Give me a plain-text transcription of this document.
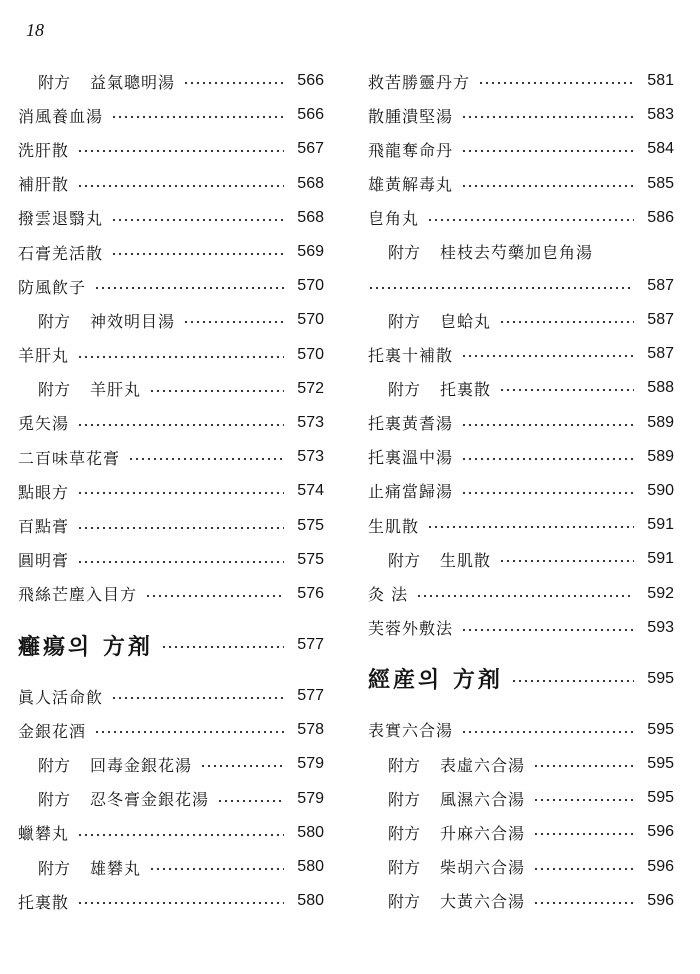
18
附方 益氣聰明湯	566
消風養血湯	566
洗肝散	567
補肝散	568
撥雲退翳丸	568
石膏羌活散	569
防風飮子	570
附方 神效明目湯	570
羊肝丸	570
附方 羊肝丸	572
兎矢湯	573
二百味草花膏	573
點眼方	574
百點膏	575
圓明膏	575
飛絲芒塵入目方	576
癰瘍의 方剤	577
眞人活命飮	577
金銀花酒	578
附方 回毒金銀花湯	579
附方 忍冬膏金銀花湯	579
蠟礬丸	580
附方 雄礬丸	580
托裏散	580
救苦勝靈丹方	581
散腫潰堅湯	583
飛龍奪命丹	584
雄黃解毒丸	585
皀角丸	586
附方 桂枝去芍藥加皀角湯
587
附方 皀蛤丸	587
托裏十補散	587
附方 托裏散	588
托裏黃耆湯	589
托裏溫中湯	589
止痛當歸湯	590
生肌散	591
附方 生肌散	591
灸 法	592
芙蓉外敷法	593
經産의 方剤	595
表實六合湯	595
附方 表虛六合湯	595
附方 風濕六合湯	595
附方 升麻六合湯	596
附方 柴胡六合湯	596
附方 大黃六合湯	596
